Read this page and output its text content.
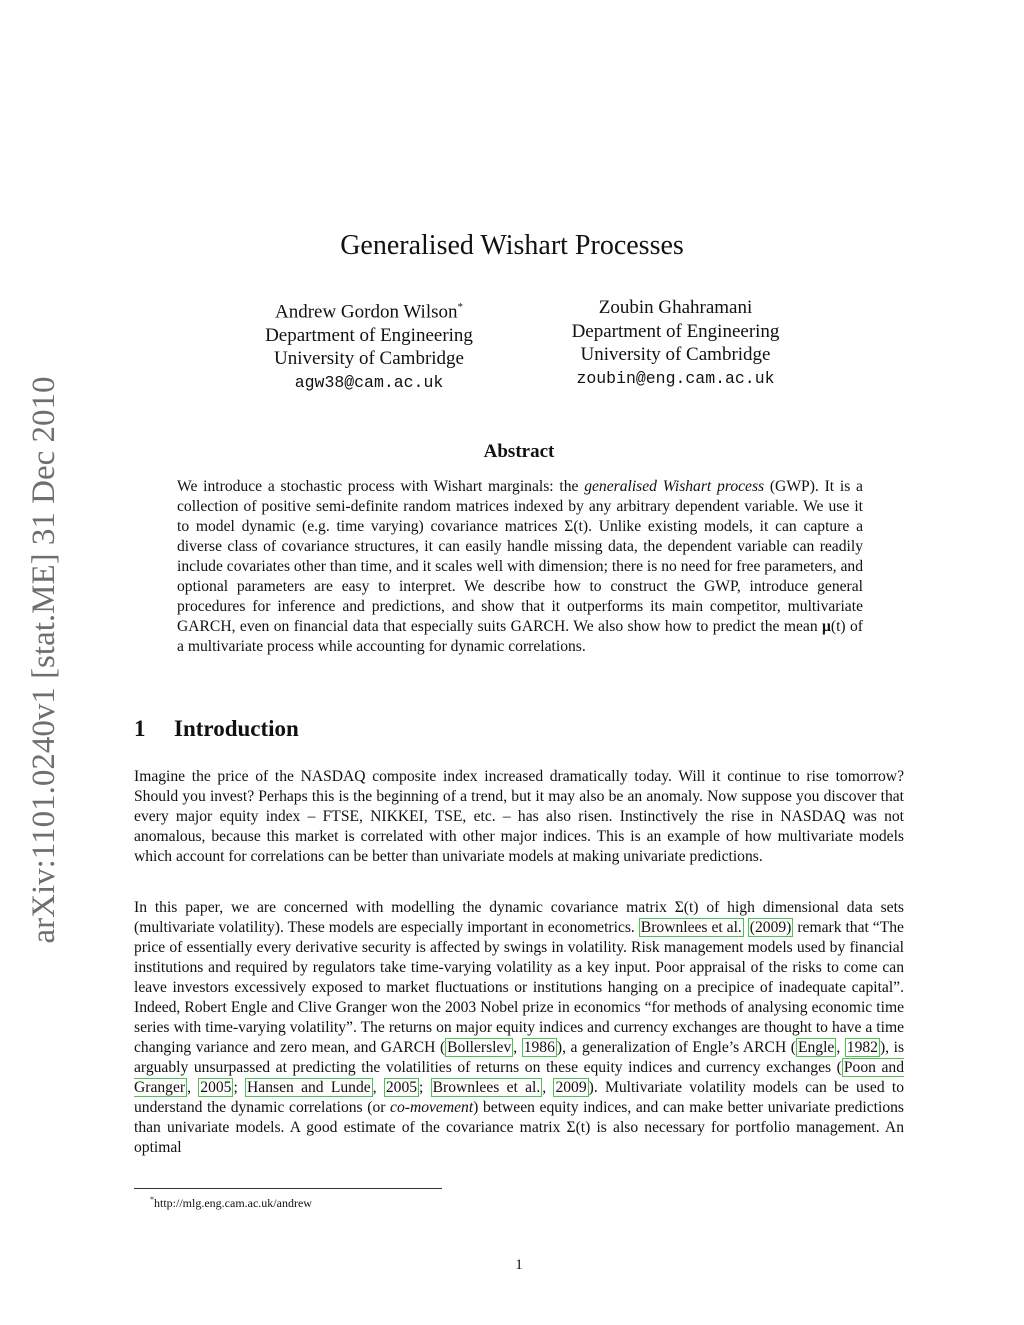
arXiv:1101.0240v1 [stat.ME] 31 Dec 2010
Generalised Wishart Processes
Andrew Gordon Wilson*
Department of Engineering
University of Cambridge
agw38@cam.ac.uk
Zoubin Ghahramani
Department of Engineering
University of Cambridge
zoubin@eng.cam.ac.uk
Abstract
We introduce a stochastic process with Wishart marginals: the generalised Wishart process (GWP). It is a collection of positive semi-definite random matrices indexed by any arbitrary dependent variable. We use it to model dynamic (e.g. time varying) covariance matrices Σ(t). Unlike existing models, it can capture a diverse class of covariance structures, it can easily handle missing data, the dependent variable can readily include covariates other than time, and it scales well with dimension; there is no need for free parameters, and optional parameters are easy to interpret. We describe how to construct the GWP, introduce general procedures for inference and predictions, and show that it outperforms its main competitor, multivariate GARCH, even on financial data that especially suits GARCH. We also show how to predict the mean μ(t) of a multivariate process while accounting for dynamic correlations.
1 Introduction
Imagine the price of the NASDAQ composite index increased dramatically today. Will it continue to rise tomorrow? Should you invest? Perhaps this is the beginning of a trend, but it may also be an anomaly. Now suppose you discover that every major equity index – FTSE, NIKKEI, TSE, etc. – has also risen. Instinctively the rise in NASDAQ was not anomalous, because this market is correlated with other major indices. This is an example of how multivariate models which account for correlations can be better than univariate models at making univariate predictions.
In this paper, we are concerned with modelling the dynamic covariance matrix Σ(t) of high dimensional data sets (multivariate volatility). These models are especially important in econometrics. Brownlees et al. (2009) remark that “The price of essentially every derivative security is affected by swings in volatility. Risk management models used by financial institutions and required by regulators take time-varying volatility as a key input. Poor appraisal of the risks to come can leave investors excessively exposed to market fluctuations or institutions hanging on a precipice of inadequate capital”. Indeed, Robert Engle and Clive Granger won the 2003 Nobel prize in economics “for methods of analysing economic time series with time-varying volatility”. The returns on major equity indices and currency exchanges are thought to have a time changing variance and zero mean, and GARCH ( Bollerslev , 1986 ), a generalization of Engle’s ARCH ( Engle , 1982 ), is arguably unsurpassed at predicting the volatilities of returns on these equity indices and currency exchanges ( Poon and Granger , 2005 ; Hansen and Lunde , 2005 ; Brownlees et al. , 2009 ). Multivariate volatility models can be used to understand the dynamic correlations (or co-movement) between equity indices, and can make better univariate predictions than univariate models. A good estimate of the covariance matrix Σ(t) is also necessary for portfolio management. An optimal
*http://mlg.eng.cam.ac.uk/andrew
1
